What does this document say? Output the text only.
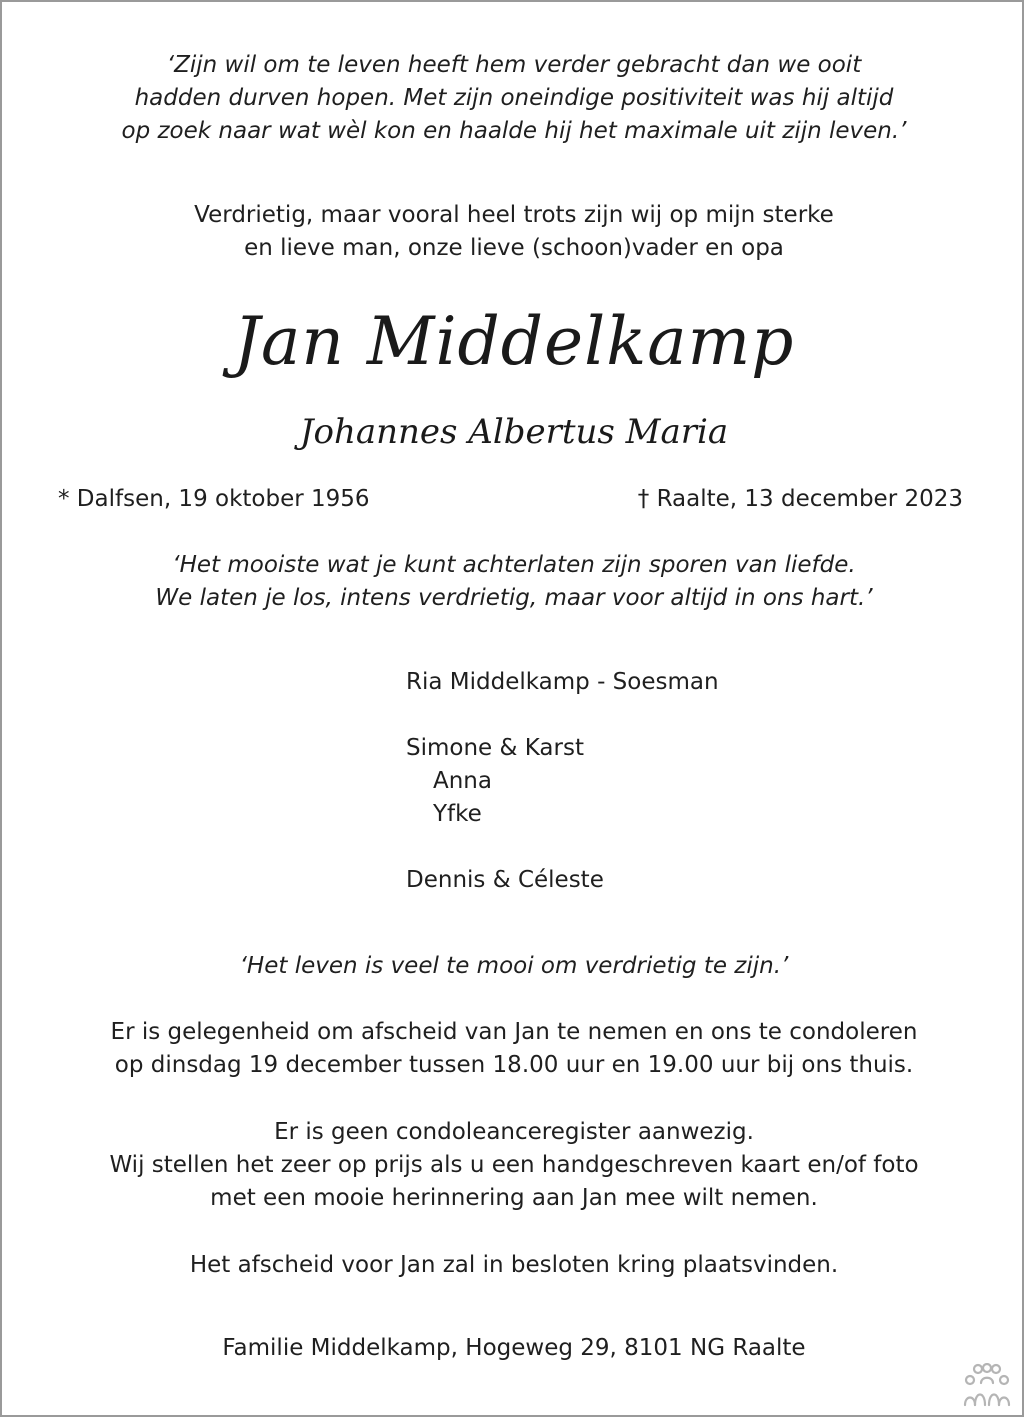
‘Zijn wil om te leven heeft hem verder gebracht dan we ooit
hadden durven hopen. Met zijn oneindige positiviteit was hij altijd
op zoek naar wat wèl kon en haalde hij het maximale uit zijn leven.’
Verdrietig, maar vooral heel trots zijn wij op mijn sterke
en lieve man, onze lieve (schoon)vader en opa
Jan Middelkamp
Johannes Albertus Maria
* Dalfsen, 19 oktober 1956	† Raalte, 13 december 2023
‘Het mooiste wat je kunt achterlaten zijn sporen van liefde.
We laten je los, intens verdrietig, maar voor altijd in ons hart.’
Ria Middelkamp - Soesman

Simone & Karst
Anna
Yfke

Dennis & Céleste
‘Het leven is veel te mooi om verdrietig te zijn.’
Er is gelegenheid om afscheid van Jan te nemen en ons te condoleren
op dinsdag 19 december tussen 18.00 uur en 19.00 uur bij ons thuis.
Er is geen condoleanceregister aanwezig.
Wij stellen het zeer op prijs als u een handgeschreven kaart en/of foto
met een mooie herinnering aan Jan mee wilt nemen.
Het afscheid voor Jan zal in besloten kring plaatsvinden.
Familie Middelkamp, Hogeweg 29, 8101 NG Raalte
